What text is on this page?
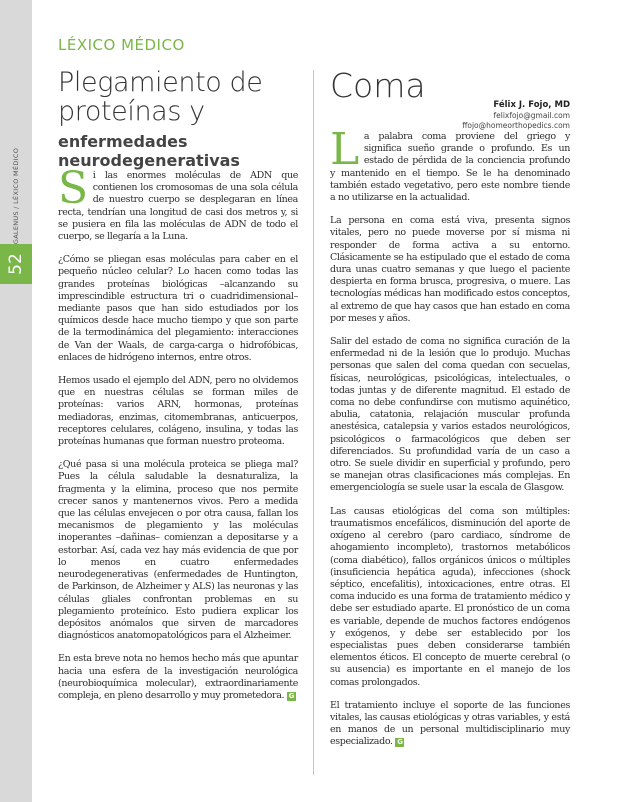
GALENUS / LÉXICO MÉDICO
52
LÉXICO MÉDICO
Plegamiento de proteínas y
enfermedades neurodegenerativas

Si las enormes moléculas de ADN que contienen los cromosomas de una sola célula de nuestro cuerpo se desplegaran en línea recta, tendrían una longitud de casi dos metros y, si se pusiera en fila las moléculas de ADN de todo el cuerpo, se llegaría a la Luna.

¿Cómo se pliegan esas moléculas para caber en el pequeño núcleo celular? Lo hacen como todas las grandes proteínas biológicas –alcanzando su imprescindible estructura tri o cuadridimensional– mediante pasos que han sido estudiados por los químicos desde hace mucho tiempo y que son parte de la termodinámica del plegamiento: interacciones de Van der Waals, de carga-carga o hidrofóbicas, enlaces de hidrógeno internos, entre otros.

Hemos usado el ejemplo del ADN, pero no olvidemos que en nuestras células se forman miles de proteínas: varios ARN, hormonas, proteínas mediadoras, enzimas, citomembranas, anticuerpos, receptores celulares, colágeno, insulina, y todas las proteínas humanas que forman nuestro proteoma.

¿Qué pasa si una molécula proteica se pliega mal? Pues la célula saludable la desnaturaliza, la fragmenta y la elimina, proceso que nos permite crecer sanos y mantenernos vivos. Pero a medida que las células envejecen o por otra causa, fallan los mecanismos de plegamiento y las moléculas inoperantes –dañinas– comienzan a depositarse y a estorbar. Así, cada vez hay más evidencia de que por lo menos en cuatro enfermedades neurodegenerativas (enfermedades de Huntington, de Parkinson, de Alzheimer y ALS) las neuronas y las células gliales confrontan problemas en su plegamiento proteínico. Esto pudiera explicar los depósitos anómalos que sirven de marcadores diagnósticos anatomopatológicos para el Alzheimer.

En esta breve nota no hemos hecho más que apuntar hacia una esfera de la investigación neurológica (neurobioquímica molecular), extraordinariamente compleja, en pleno desarrollo y muy prometedora. G

Coma	Félix J. Fojo, MD
felixfojo@gmail.com
ffojo@homeorthopedics.com

La palabra coma proviene del griego y significa sueño grande o profundo. Es un estado de pérdida de la conciencia profundo y mantenido en el tiempo. Se le ha denominado también estado vegetativo, pero este nombre tiende a no utilizarse en la actualidad.

La persona en coma está viva, presenta signos vitales, pero no puede moverse por sí misma ni responder de forma activa a su entorno. Clásicamente se ha estipulado que el estado de coma dura unas cuatro semanas y que luego el paciente despierta en forma brusca, progresiva, o muere. Las tecnologías médicas han modificado estos conceptos, al extremo de que hay casos que han estado en coma por meses y años.

Salir del estado de coma no significa curación de la enfermedad ni de la lesión que lo produjo. Muchas personas que salen del coma quedan con secuelas, físicas, neurológicas, psicológicas, intelectuales, o todas juntas y de diferente magnitud. El estado de coma no debe confundirse con mutismo aquinético, abulia, catatonia, relajación muscular profunda anestésica, catalepsia y varios estados neurológicos, psicológicos o farmacológicos que deben ser diferenciados. Su profundidad varía de un caso a otro. Se suele dividir en superficial y profundo, pero se manejan otras clasificaciones más complejas. En emergenciología se suele usar la escala de Glasgow.

Las causas etiológicas del coma son múltiples: traumatismos encefálicos, disminución del aporte de oxígeno al cerebro (paro cardiaco, síndrome de ahogamiento incompleto), trastornos metabólicos (coma diabético), fallos orgánicos únicos o múltiples (insuficiencia hepática aguda), infecciones (shock séptico, encefalitis), intoxicaciones, entre otras. El coma inducido es una forma de tratamiento médico y debe ser estudiado aparte. El pronóstico de un coma es variable, depende de muchos factores endógenos y exógenos, y debe ser establecido por los especialistas pues deben considerarse también elementos éticos. El concepto de muerte cerebral (o su ausencia) es importante en el manejo de los comas prolongados.

El tratamiento incluye el soporte de las funciones vitales, las causas etiológicas y otras variables, y está en manos de un personal multidisciplinario muy especializado. G
